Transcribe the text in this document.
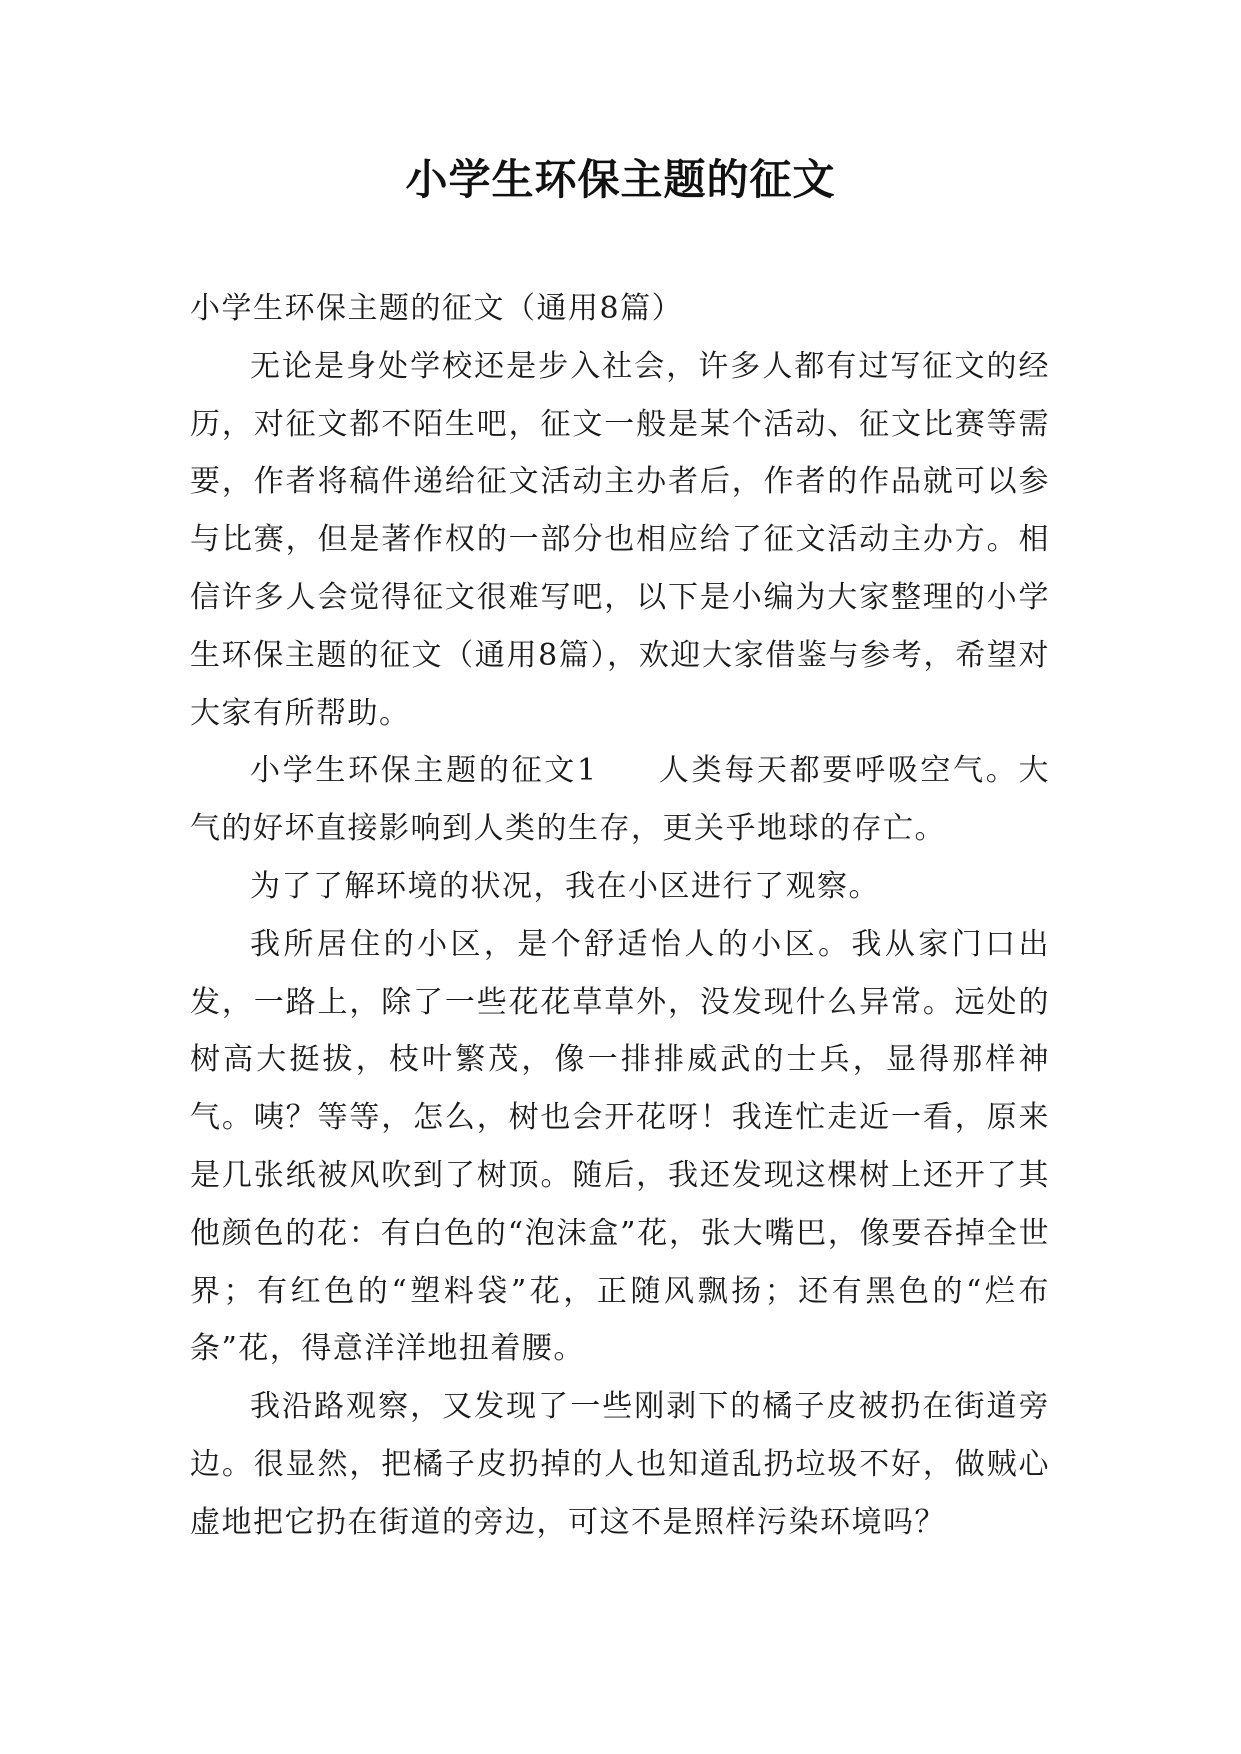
小学生环保主题的征文

小学生环保主题的征文（通用8篇）

无论是身处学校还是步入社会，许多人都有过写征文的经历，对征文都不陌生吧，征文一般是某个活动、征文比赛等需要，作者将稿件递给征文活动主办者后，作者的作品就可以参与比赛，但是著作权的一部分也相应给了征文活动主办方。相信许多人会觉得征文很难写吧，以下是小编为大家整理的小学生环保主题的征文（通用8篇），欢迎大家借鉴与参考，希望对大家有所帮助。

小学生环保主题的征文1 人类每天都要呼吸空气。大气的好坏直接影响到人类的生存，更关乎地球的存亡。

为了了解环境的状况，我在小区进行了观察。

我所居住的小区，是个舒适怡人的小区。我从家门口出发，一路上，除了一些花花草草外，没发现什么异常。远处的树高大挺拔，枝叶繁茂，像一排排威武的士兵，显得那样神气。咦？等等，怎么，树也会开花呀！我连忙走近一看，原来是几张纸被风吹到了树顶。随后，我还发现这棵树上还开了其他颜色的花：有白色的“泡沫盒”花，张大嘴巴，像要吞掉全世界；有红色的“塑料袋”花，正随风飘扬；还有黑色的“烂布条”花，得意洋洋地扭着腰。

我沿路观察，又发现了一些刚剥下的橘子皮被扔在街道旁边。很显然，把橘子皮扔掉的人也知道乱扔垃圾不好，做贼心虚地把它扔在街道的旁边，可这不是照样污染环境吗？
